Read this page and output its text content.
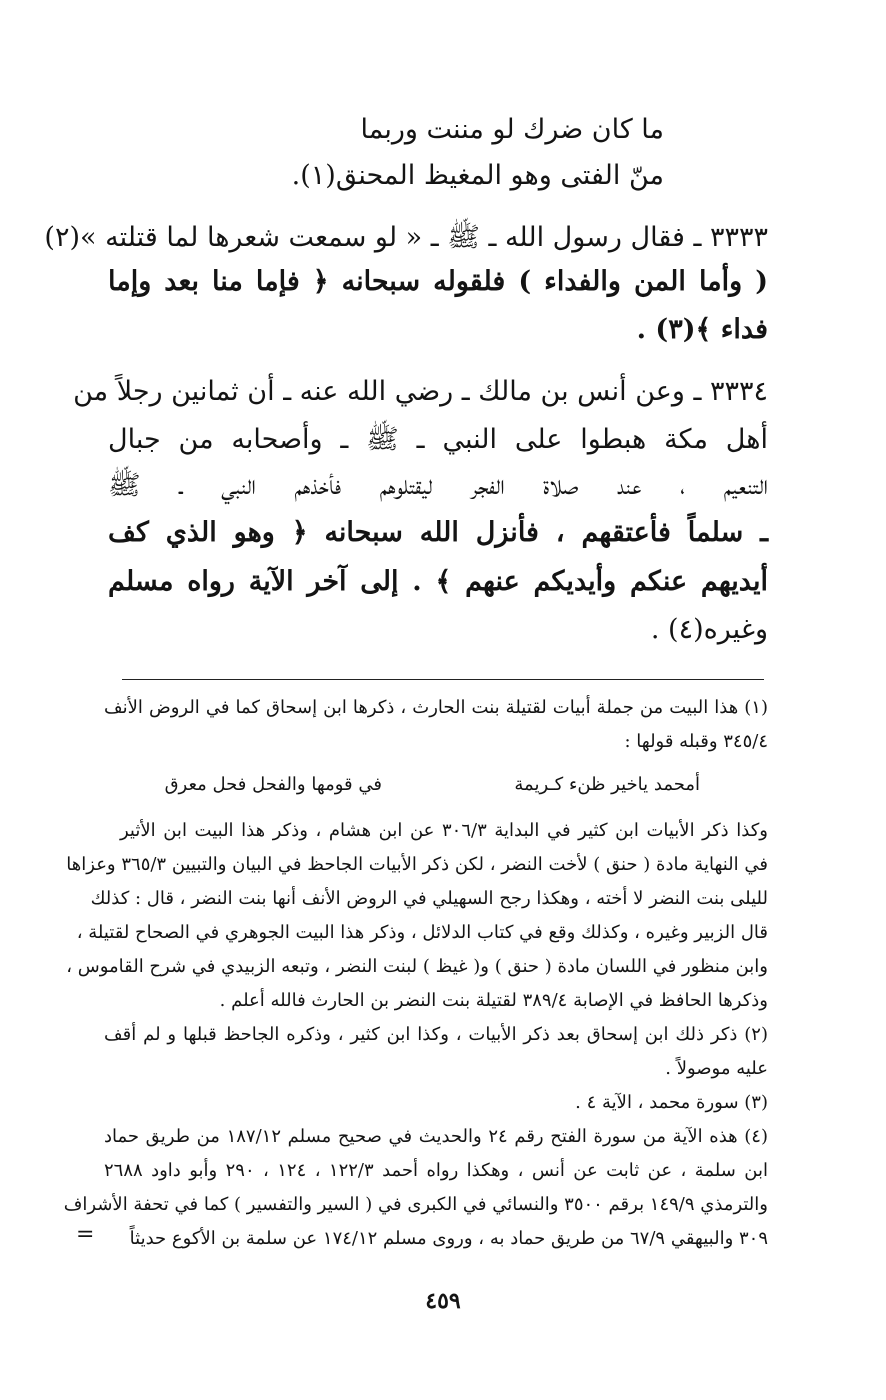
ما كان ضرك لو مننت وربما
منّ الفتى وهو المغيظ المحنق(١).
٣٣٣٣ ـ فقال رسول الله ـ ﷺ ـ « لو سمعت شعرها لما قتلته »(٢)
( وأما المن والفداء ) فلقوله سبحانه ﴿ فإما منا بعد وإما
فداء ﴾(٣) .
٣٣٣٤ ـ وعن أنس بن مالك ـ رضي الله عنه ـ أن ثمانين رجلاً من
أهل مكة هبطوا على النبي ـ ﷺ ـ وأصحابه من جبال
التنعيم ، عند صلاة الفجر ليقتلوهم فأخذهم النبي ـ ﷺ
ـ سلماً فأعتقهم ، فأنزل الله سبحانه ﴿ وهو الذي كف
أيديهم عنكم وأيديكم عنهم ﴾ . إلى آخر الآية رواه مسلم
وغيره(٤) .
(١) هذا البيت من جملة أبيات لقتيلة بنت الحارث ، ذكرها ابن إسحاق كما في الروض الأنف
٣٤٥/٤ وقبله قولها :
أمحمد ياخير ظنء كـريمة
في قومها والفحل فحل معرق
وكذا ذكر الأبيات ابن كثير في البداية ٣٠٦/٣ عن ابن هشام ، وذكر هذا البيت ابن الأثير
في النهاية مادة ( حنق ) لأخت النضر ، لكن ذكر الأبيات الجاحظ في البيان والتبيين ٣٦٥/٣ وعزاها
لليلى بنت النضر لا أخته ، وهكذا رجح السهيلي في الروض الأنف أنها بنت النضر ، قال : كذلك
قال الزبير وغيره ، وكذلك وقع في كتاب الدلائل ، وذكر هذا البيت الجوهري في الصحاح لقتيلة ،
وابن منظور في اللسان مادة ( حنق ) و( غيظ ) لبنت النضر ، وتبعه الزبيدي في شرح القاموس ،
وذكرها الحافظ في الإصابة ٣٨٩/٤ لقتيلة بنت النضر بن الحارث فالله أعلم .
(٢) ذكر ذلك ابن إسحاق بعد ذكر الأبيات ، وكذا ابن كثير ، وذكره الجاحظ قبلها و لم أقف
عليه موصولاً .
(٣) سورة محمد ، الآية ٤ .
(٤) هذه الآية من سورة الفتح رقم ٢٤ والحديث في صحيح مسلم ١٨٧/١٢ من طريق حماد
ابن سلمة ، عن ثابت عن أنس ، وهكذا رواه أحمد ١٢٢/٣ ، ١٢٤ ، ٢٩٠ وأبو داود ٢٦٨٨
والترمذي ١٤٩/٩ برقم ٣٥٠٠ والنسائي في الكبرى في ( السير والتفسير ) كما في تحفة الأشراف
٣٠٩ والبيهقي ٦٧/٩ من طريق حماد به ، وروى مسلم ١٧٤/١٢ عن سلمة بن الأكوع حديثاً
=
٤٥٩
